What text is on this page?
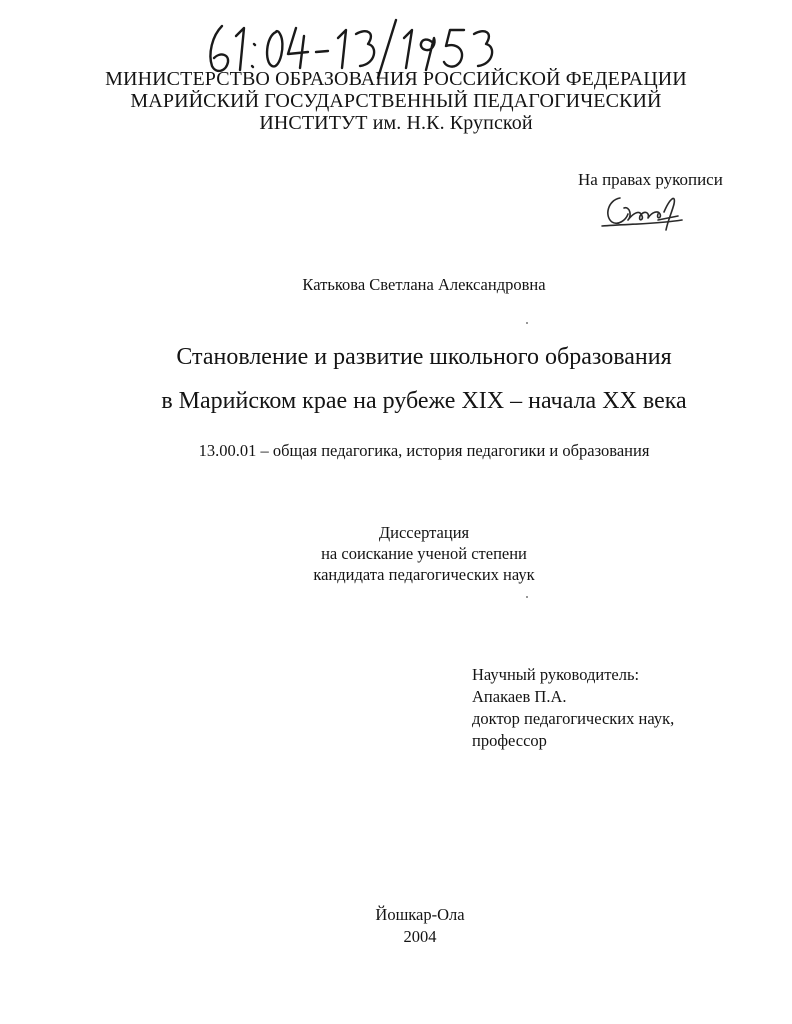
МИНИСТЕРСТВО ОБРАЗОВАНИЯ РОССИЙСКОЙ ФЕДЕРАЦИИ
МАРИЙСКИЙ ГОСУДАРСТВЕННЫЙ ПЕДАГОГИЧЕСКИЙ
ИНСТИТУТ им. Н.К. Крупской
На правах рукописи
Катькова Светлана Александровна
Становление и развитие школьного образования
в Марийском крае на рубеже XIX – начала XX века
13.00.01 – общая педагогика, история педагогики и образования
Диссертация
на соискание ученой степени
кандидата педагогических наук
Научный руководитель:
Апакаев П.А.
доктор педагогических наук,
профессор
Йошкар-Ола
2004
